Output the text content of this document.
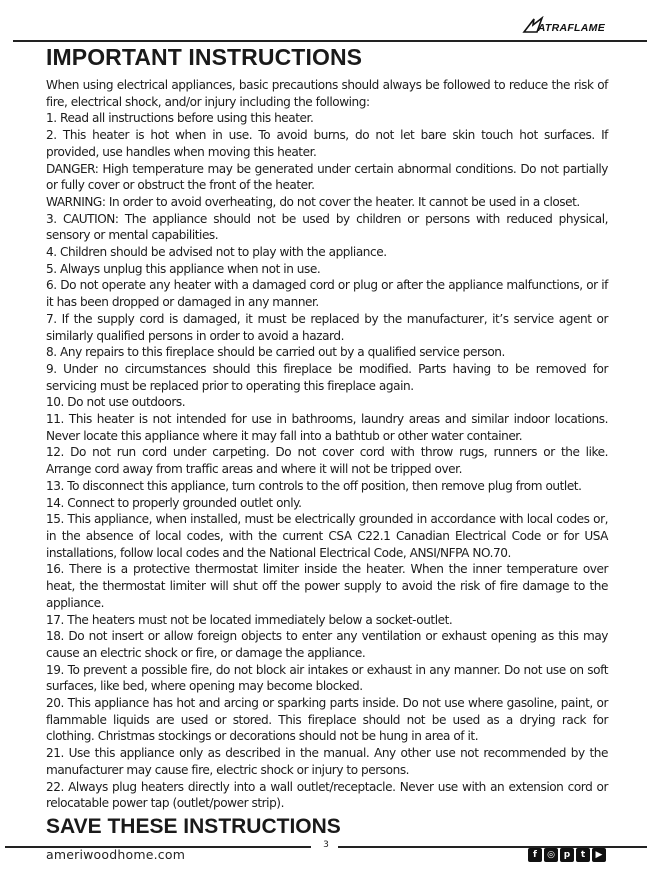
ATRAFLAME
IMPORTANT INSTRUCTIONS

When using electrical appliances, basic precautions should always be followed to reduce the risk of fire, electrical shock, and/or injury including the following:

1. Read all instructions before using this heater.

2. This heater is hot when in use. To avoid burns, do not let bare skin touch hot surfaces. If provided, use handles when moving this heater.

DANGER: High temperature may be generated under certain abnormal conditions. Do not partially or fully cover or obstruct the front of the heater.

WARNING: In order to avoid overheating, do not cover the heater. It cannot be used in a closet.

3. CAUTION: The appliance should not be used by children or persons with reduced physical, sensory or mental capabilities.

4. Children should be advised not to play with the appliance.

5. Always unplug this appliance when not in use.

6. Do not operate any heater with a damaged cord or plug or after the appliance malfunctions, or if it has been dropped or damaged in any manner.

7. If the supply cord is damaged, it must be replaced by the manufacturer, it’s service agent or similarly qualified persons in order to avoid a hazard.

8. Any repairs to this fireplace should be carried out by a qualified service person.

9. Under no circumstances should this fireplace be modified. Parts having to be removed for servicing must be replaced prior to operating this fireplace again.

10. Do not use outdoors.

11. This heater is not intended for use in bathrooms, laundry areas and similar indoor locations. Never locate this appliance where it may fall into a bathtub or other water container.

12. Do not run cord under carpeting. Do not cover cord with throw rugs, runners or the like. Arrange cord away from traffic areas and where it will not be tripped over.

13. To disconnect this appliance, turn controls to the off position, then remove plug from outlet.

14. Connect to properly grounded outlet only.

15. This appliance, when installed, must be electrically grounded in accordance with local codes or, in the absence of local codes, with the current CSA C22.1 Canadian Electrical Code or for USA installations, follow local codes and the National Electrical Code, ANSI/NFPA NO.70.

16. There is a protective thermostat limiter inside the heater. When the inner temperature over heat, the thermostat limiter will shut off the power supply to avoid the risk of fire damage to the appliance.

17. The heaters must not be located immediately below a socket-outlet.

18. Do not insert or allow foreign objects to enter any ventilation or exhaust opening as this may cause an electric shock or fire, or damage the appliance.

19. To prevent a possible fire, do not block air intakes or exhaust in any manner. Do not use on soft surfaces, like bed, where opening may become blocked.

20. This appliance has hot and arcing or sparking parts inside. Do not use where gasoline, paint, or flammable liquids are used or stored. This fireplace should not be used as a drying rack for clothing. Christmas stockings or decorations should not be hung in area of it.

21. Use this appliance only as described in the manual. Any other use not recommended by the manufacturer may cause fire, electric shock or injury to persons.

22. Always plug heaters directly into a wall outlet/receptacle. Never use with an extension cord or relocatable power tap (outlet/power strip).

SAVE THESE INSTRUCTIONS
3
ameriwoodhome.com	f	◎ p	t	▶
